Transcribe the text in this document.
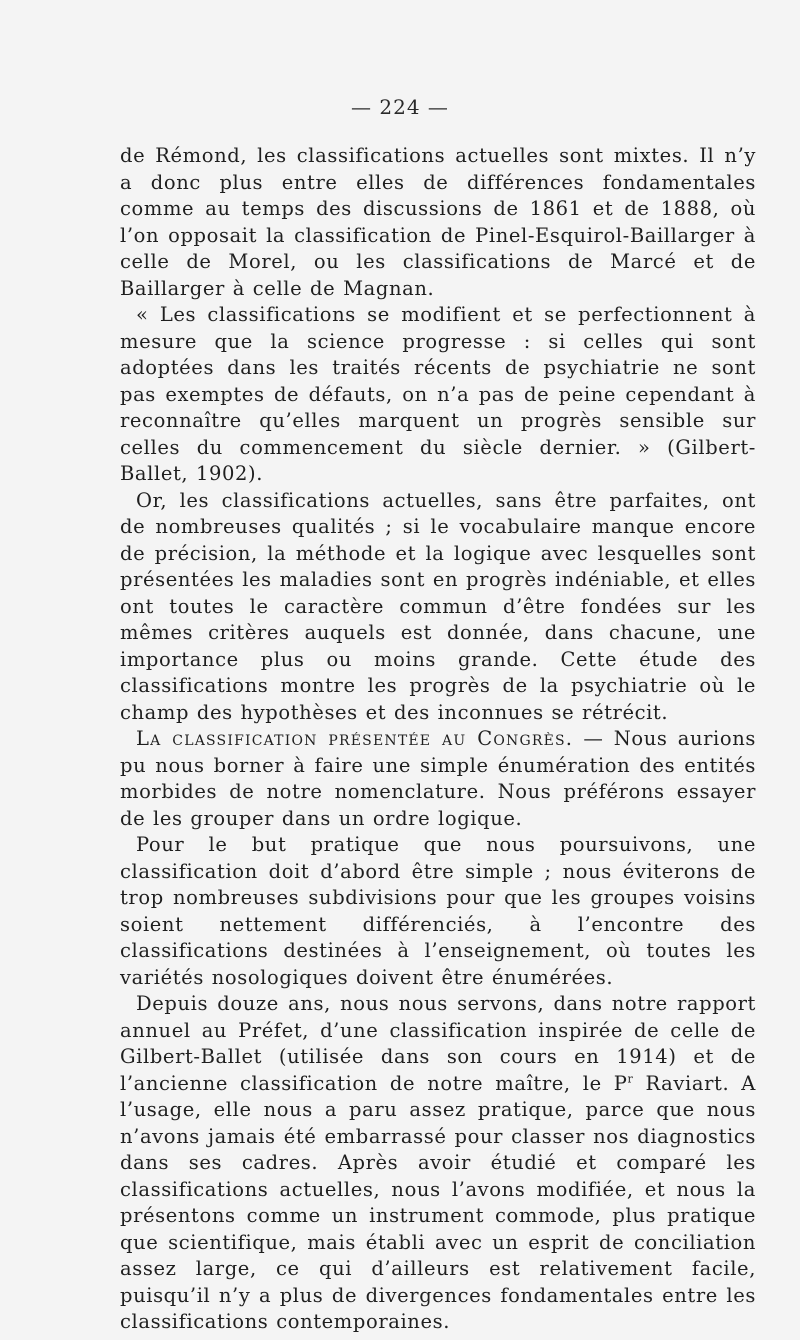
— 224 —

de Rémond, les classifications actuelles sont mixtes. Il n’y a donc plus entre elles de différences fondamentales comme au temps des discussions de 1861 et de 1888, où l’on opposait la classification de Pinel-Esquirol-Baillarger à celle de Morel, ou les classifications de Marcé et de Baillarger à celle de Magnan.

« Les classifications se modifient et se perfectionnent à mesure que la science progresse : si celles qui sont adoptées dans les traités récents de psychiatrie ne sont pas exemptes de défauts, on n’a pas de peine cependant à reconnaître qu’elles marquent un progrès sensible sur celles du commencement du siècle dernier. » (Gilbert-Ballet, 1902).

Or, les classifications actuelles, sans être parfaites, ont de nombreuses qualités ; si le vocabulaire manque encore de précision, la méthode et la logique avec lesquelles sont présentées les maladies sont en progrès indéniable, et elles ont toutes le caractère commun d’être fondées sur les mêmes critères auquels est donnée, dans chacune, une importance plus ou moins grande. Cette étude des classifications montre les progrès de la psychiatrie où le champ des hypothèses et des inconnues se rétrécit.

La classification présentée au Congrès. — Nous aurions pu nous borner à faire une simple énumération des entités morbides de notre nomenclature. Nous préférons essayer de les grouper dans un ordre logique.

Pour le but pratique que nous poursuivons, une classification doit d’abord être simple ; nous éviterons de trop nombreuses subdivisions pour que les groupes voisins soient nettement différenciés, à l’encontre des classifications destinées à l’enseignement, où toutes les variétés nosologiques doivent être énumérées.

Depuis douze ans, nous nous servons, dans notre rapport annuel au Préfet, d’une classification inspirée de celle de Gilbert-Ballet (utilisée dans son cours en 1914) et de l’ancienne classification de notre maître, le $P^r$ Raviart. A l’usage, elle nous a paru assez pratique, parce que nous n’avons jamais été embarrassé pour classer nos diagnostics dans ses cadres. Après avoir étudié et comparé les classifications actuelles, nous l’avons modifiée, et nous la présentons comme un instrument commode, plus pratique que scientifique, mais établi avec un esprit de conciliation assez large, ce qui d’ailleurs est relativement facile, puisqu’il n’y a plus de divergences fondamentales entre les classifications contemporaines.
